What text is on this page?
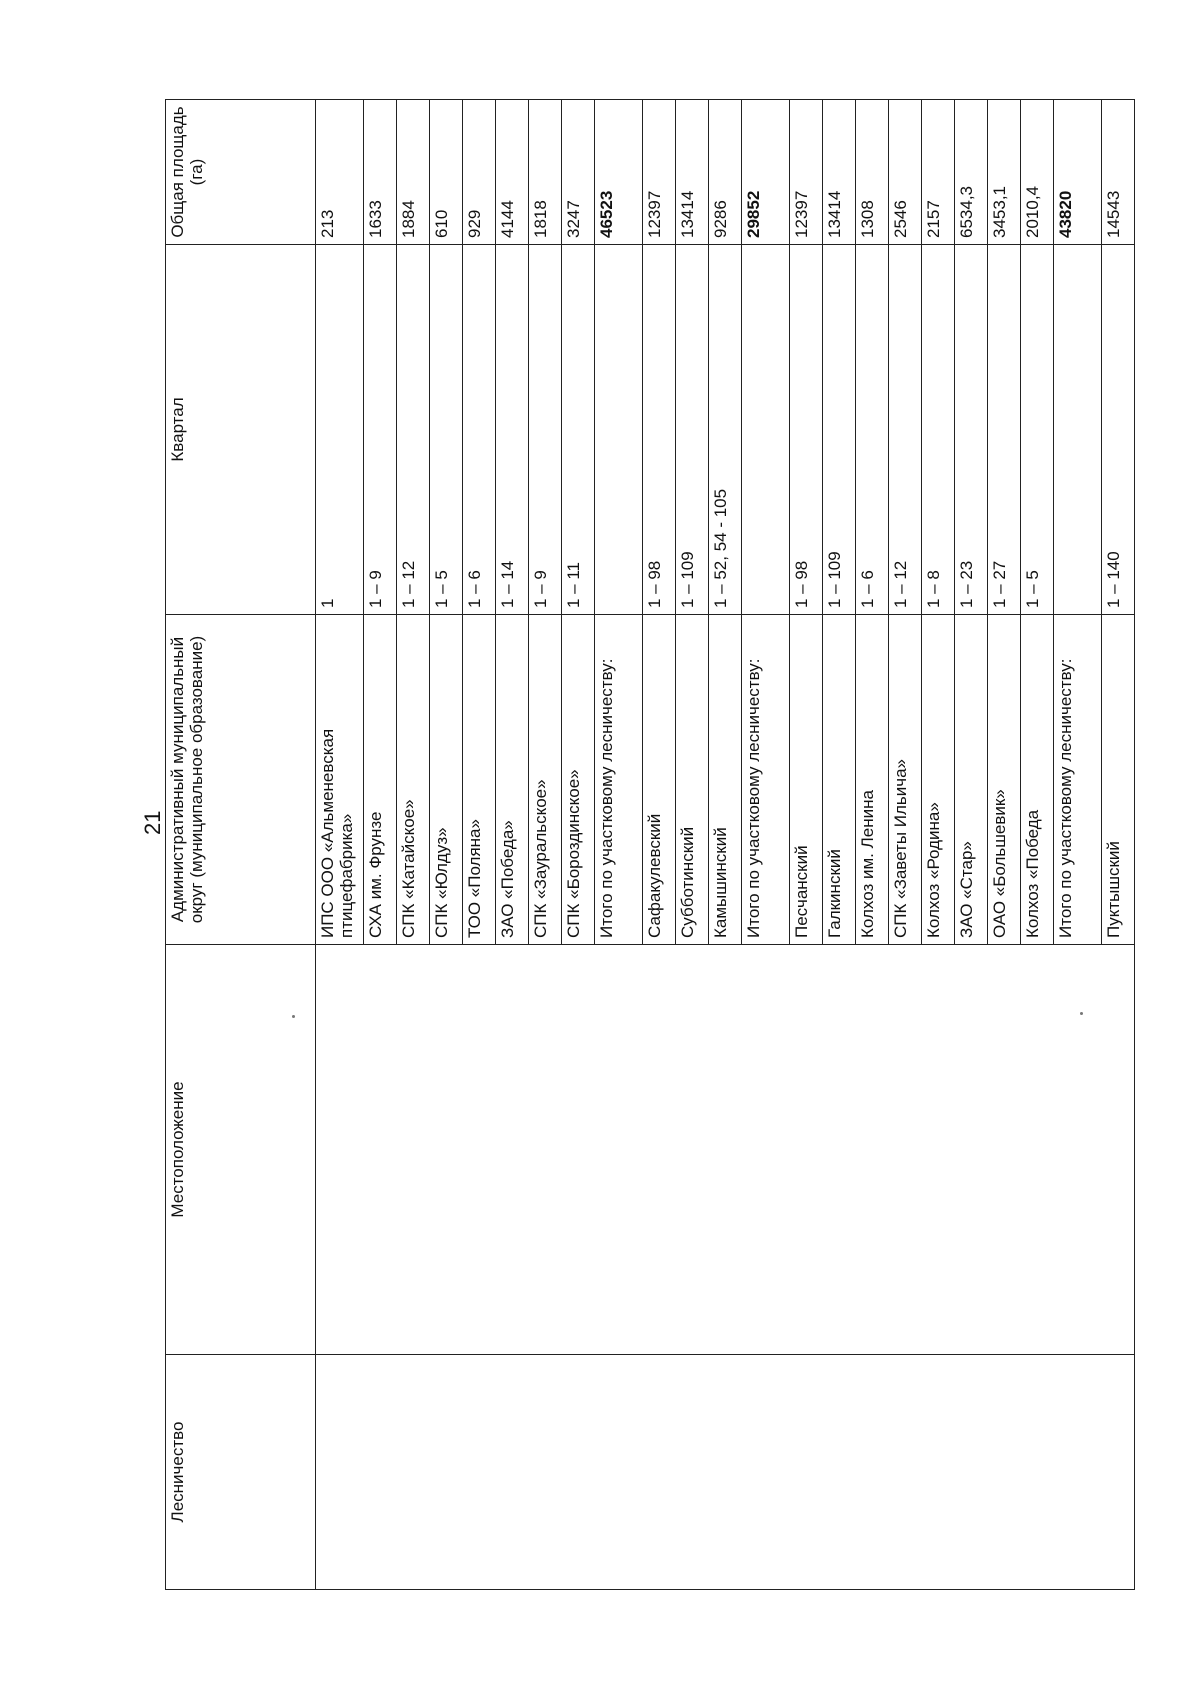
21
Лесничество	Местоположение	Административный муниципальный округ (муниципальное образование)	Квартал	Общая площадь (га)
		ИПС ООО «Альменевская птицефабрика»	1	213
		СХА им. Фрунзе	1 – 9	1633
		СПК «Катайское»	1 – 12	1884
		СПК «Юлдуз»	1 – 5	610
		ТОО «Поляна»	1 – 6	929
		ЗАО «Победа»	1 – 14	4144
		СПК «Зауральское»	1 – 9	1818
		СПК «Бороздинское»	1 – 11	3247
		Итого по участковому лесничеству:		46523
		Сафакулевский	1 – 98	12397
		Субботинский	1 – 109	13414
		Камышинский	1 – 52, 54 - 105	9286
		Итого по участковому лесничеству:		29852
		Песчанский	1 – 98	12397
		Галкинский	1 – 109	13414
		Колхоз им. Ленина	1 – 6	1308
		СПК «Заветы Ильича»	1 – 12	2546
		Колхоз «Родина»	1 – 8	2157
		ЗАО «Стар»	1 – 23	6534,3
		ОАО «Большевик»	1 – 27	3453,1
		Колхоз «Победа	1 – 5	2010,4
		Итого по участковому лесничеству:		43820
		Пуктышский	1 – 140	14543
